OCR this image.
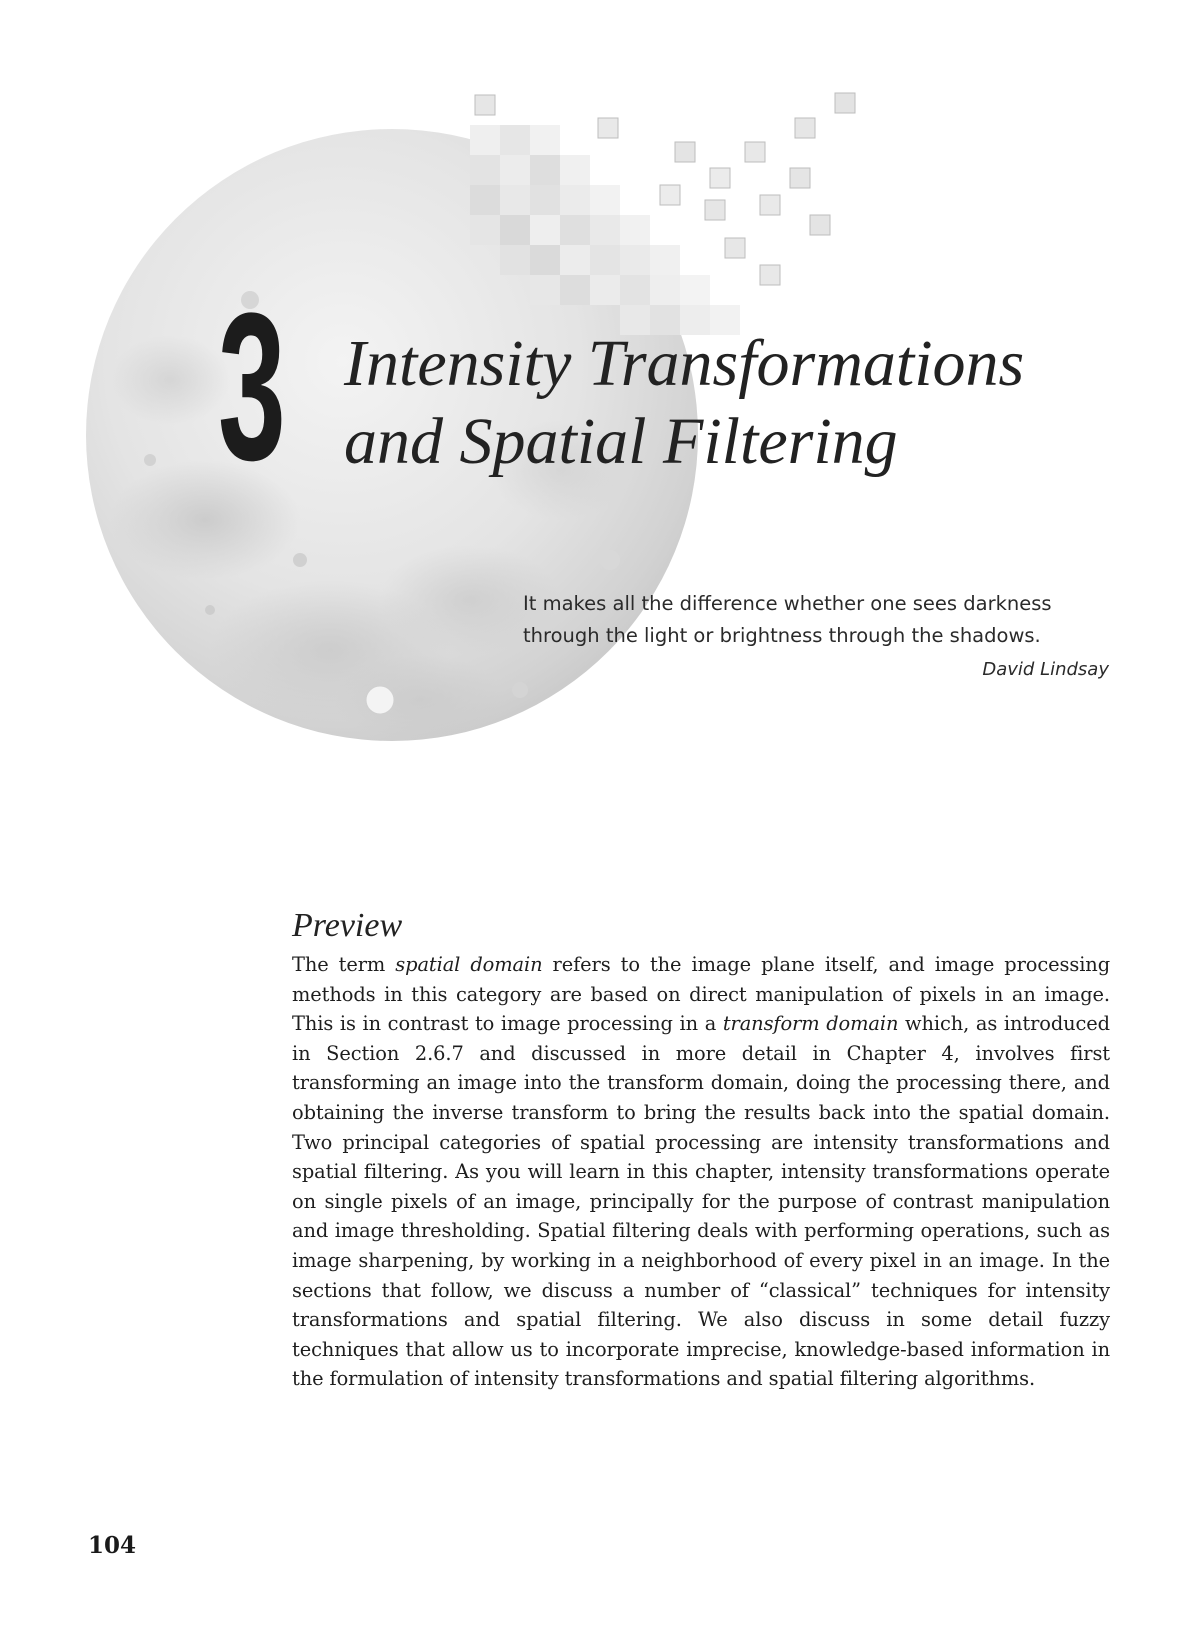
3 Intensity Transformations
and Spatial Filtering
It makes all the difference whether one sees darkness
through the light or brightness through the shadows.
David Lindsay
Preview

The term spatial domain refers to the image plane itself, and image processing methods in this category are based on direct manipulation of pixels in an image. This is in contrast to image processing in a transform domain which, as introduced in Section 2.6.7 and discussed in more detail in Chapter 4, involves first transforming an image into the transform domain, doing the processing there, and obtaining the inverse transform to bring the results back into the spatial domain. Two principal categories of spatial processing are intensity transformations and spatial filtering. As you will learn in this chapter, intensity transformations operate on single pixels of an image, principally for the purpose of contrast manipulation and image thresholding. Spatial filtering deals with performing operations, such as image sharpening, by working in a neighborhood of every pixel in an image. In the sections that follow, we discuss a number of “classical” techniques for intensity transformations and spatial filtering. We also discuss in some detail fuzzy techniques that allow us to incorporate imprecise, knowledge-based information in the formulation of intensity transformations and spatial filtering algorithms.

104
